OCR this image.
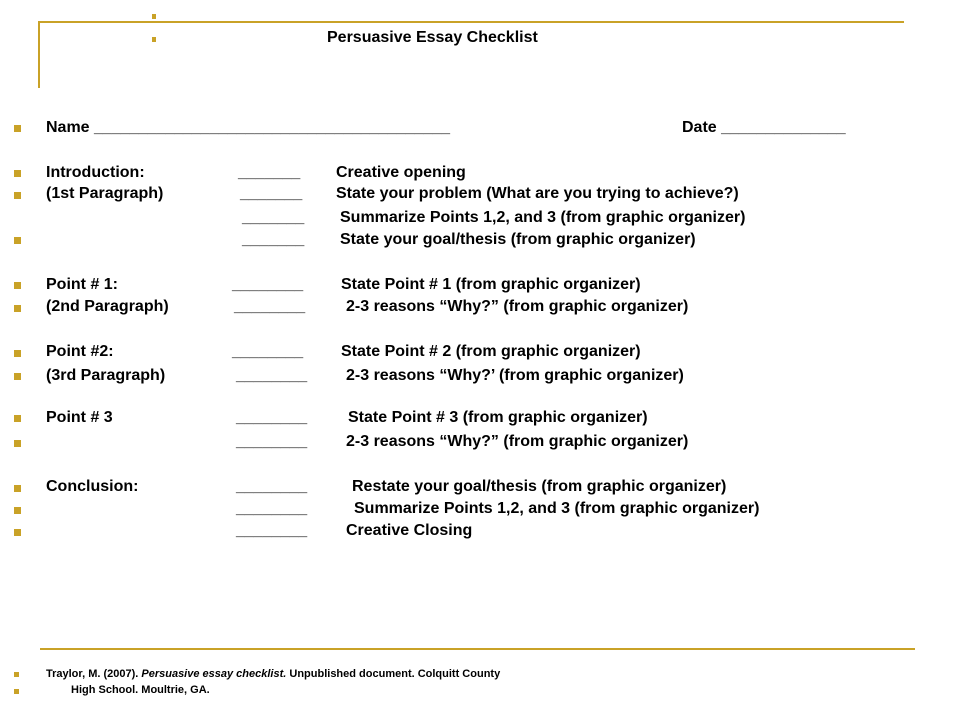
Persuasive Essay Checklist
Name ________________________________________	Date ______________
Introduction:	_______ Creative opening
(1st Paragraph)	_______ State your problem (What are you trying to achieve?)
_______ Summarize Points 1,2, and 3 (from graphic organizer)
_______ State your goal/thesis (from graphic organizer)
Point # 1:	________ State Point # 1 (from graphic organizer)
(2nd Paragraph)	________	2-3 reasons “Why?” (from graphic organizer)
Point #2:	________ State Point # 2 (from graphic organizer)
(3rd Paragraph)	________ 2-3 reasons “Why?’ (from graphic organizer)
Point # 3	________	State Point # 3 (from graphic organizer)
________ 2-3 reasons “Why?” (from graphic organizer)
Conclusion:	________	Restate your goal/thesis (from graphic organizer)
________	Summarize Points 1,2, and 3 (from graphic organizer)
________ Creative Closing
Traylor, M. (2007). Persuasive essay checklist. Unpublished document. Colquitt County
High School. Moultrie, GA.
